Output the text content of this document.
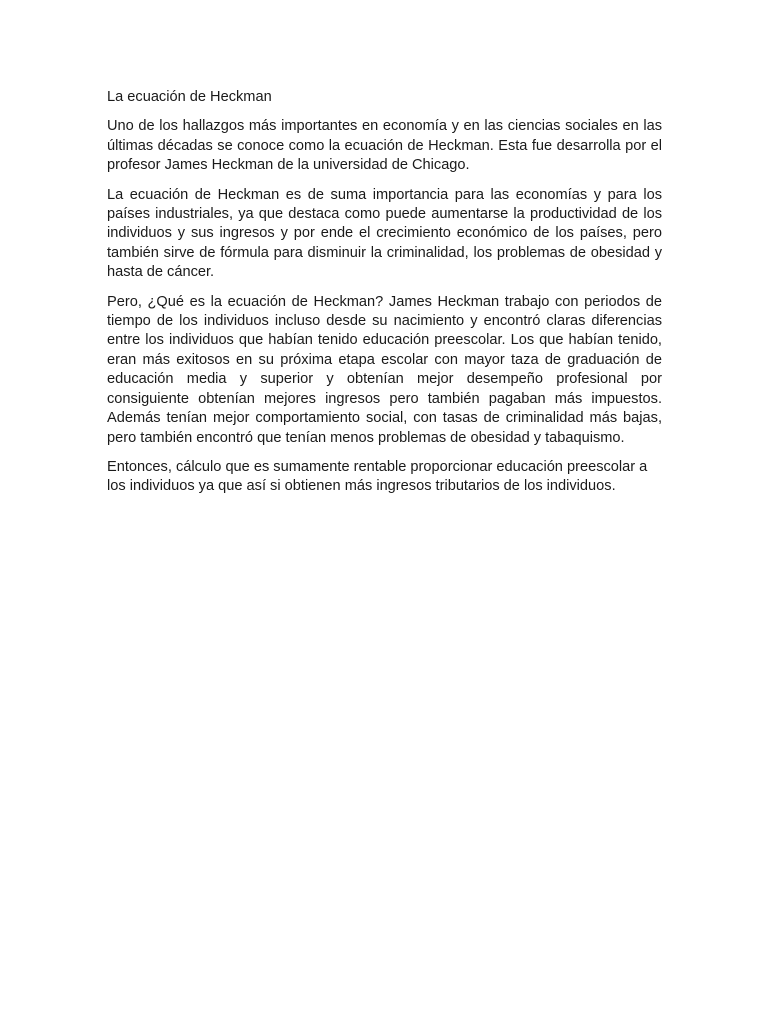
La ecuación de Heckman

Uno de los hallazgos más importantes en economía y en las ciencias sociales en las últimas décadas se conoce como la ecuación de Heckman. Esta fue desarrolla por el profesor James Heckman de la universidad de Chicago.

La ecuación de Heckman es de suma importancia para las economías y para los países industriales, ya que destaca como puede aumentarse la productividad de los individuos y sus ingresos y por ende el crecimiento económico de los países, pero también sirve de fórmula para disminuir la criminalidad, los problemas de obesidad y hasta de cáncer.

Pero, ¿Qué es la ecuación de Heckman? James Heckman trabajo con periodos de tiempo de los individuos incluso desde su nacimiento y encontró claras diferencias entre los individuos que habían tenido educación preescolar. Los que habían tenido, eran más exitosos en su próxima etapa escolar con mayor taza de graduación de educación media y superior y obtenían mejor desempeño profesional por consiguiente obtenían mejores ingresos pero también pagaban más impuestos. Además tenían mejor comportamiento social, con tasas de criminalidad más bajas, pero también encontró que tenían menos problemas de obesidad y tabaquismo.

Entonces, cálculo que es sumamente rentable proporcionar educación preescolar a los individuos ya que así si obtienen más ingresos tributarios de los individuos.
